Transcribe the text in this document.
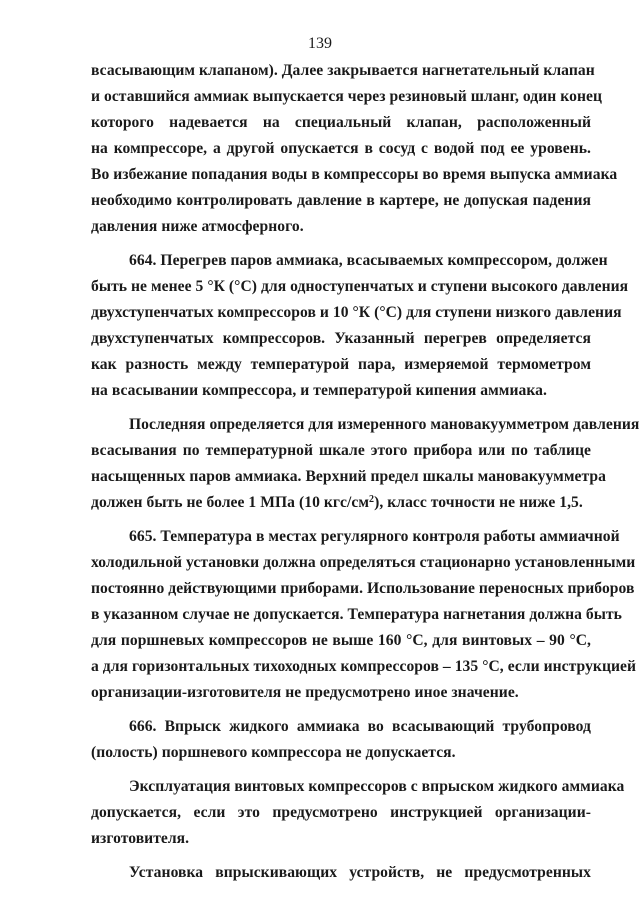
139
всасывающим клапаном). Далее закрывается нагнетательный клапан
и оставшийся аммиак выпускается через резиновый шланг, один конец
которого надевается на специальный клапан, расположенный
на компрессоре, а другой опускается в сосуд с водой под ее уровень.
Во избежание попадания воды в компрессоры во время выпуска аммиака
необходимо контролировать давление в картере, не допуская падения
давления ниже атмосферного.
664. Перегрев паров аммиака, всасываемых компрессором, должен
быть не менее 5 °К (°С) для одноступенчатых и ступени высокого давления
двухступенчатых компрессоров и 10 °К (°С) для ступени низкого давления
двухступенчатых компрессоров. Указанный перегрев определяется
как разность между температурой пара, измеряемой термометром
на всасывании компрессора, и температурой кипения аммиака.
Последняя определяется для измеренного мановакуумметром давления
всасывания по температурной шкале этого прибора или по таблице
насыщенных паров аммиака. Верхний предел шкалы мановакуумметра
должен быть не более 1 МПа (10 кгс/$см^2$), класс точности не ниже 1,5.
665. Температура в местах регулярного контроля работы аммиачной
холодильной установки должна определяться стационарно установленными
постоянно действующими приборами. Использование переносных приборов
в указанном случае не допускается. Температура нагнетания должна быть
для поршневых компрессоров не выше 160 °С, для винтовых – 90 °С,
а для горизонтальных тихоходных компрессоров – 135 °С, если инструкцией
организации-изготовителя не предусмотрено иное значение.
666. Впрыск жидкого аммиака во всасывающий трубопровод
(полость) поршневого компрессора не допускается.
Эксплуатация винтовых компрессоров с впрыском жидкого аммиака
допускается, если это предусмотрено инструкцией организации-
изготовителя.
Установка впрыскивающих устройств, не предусмотренных
